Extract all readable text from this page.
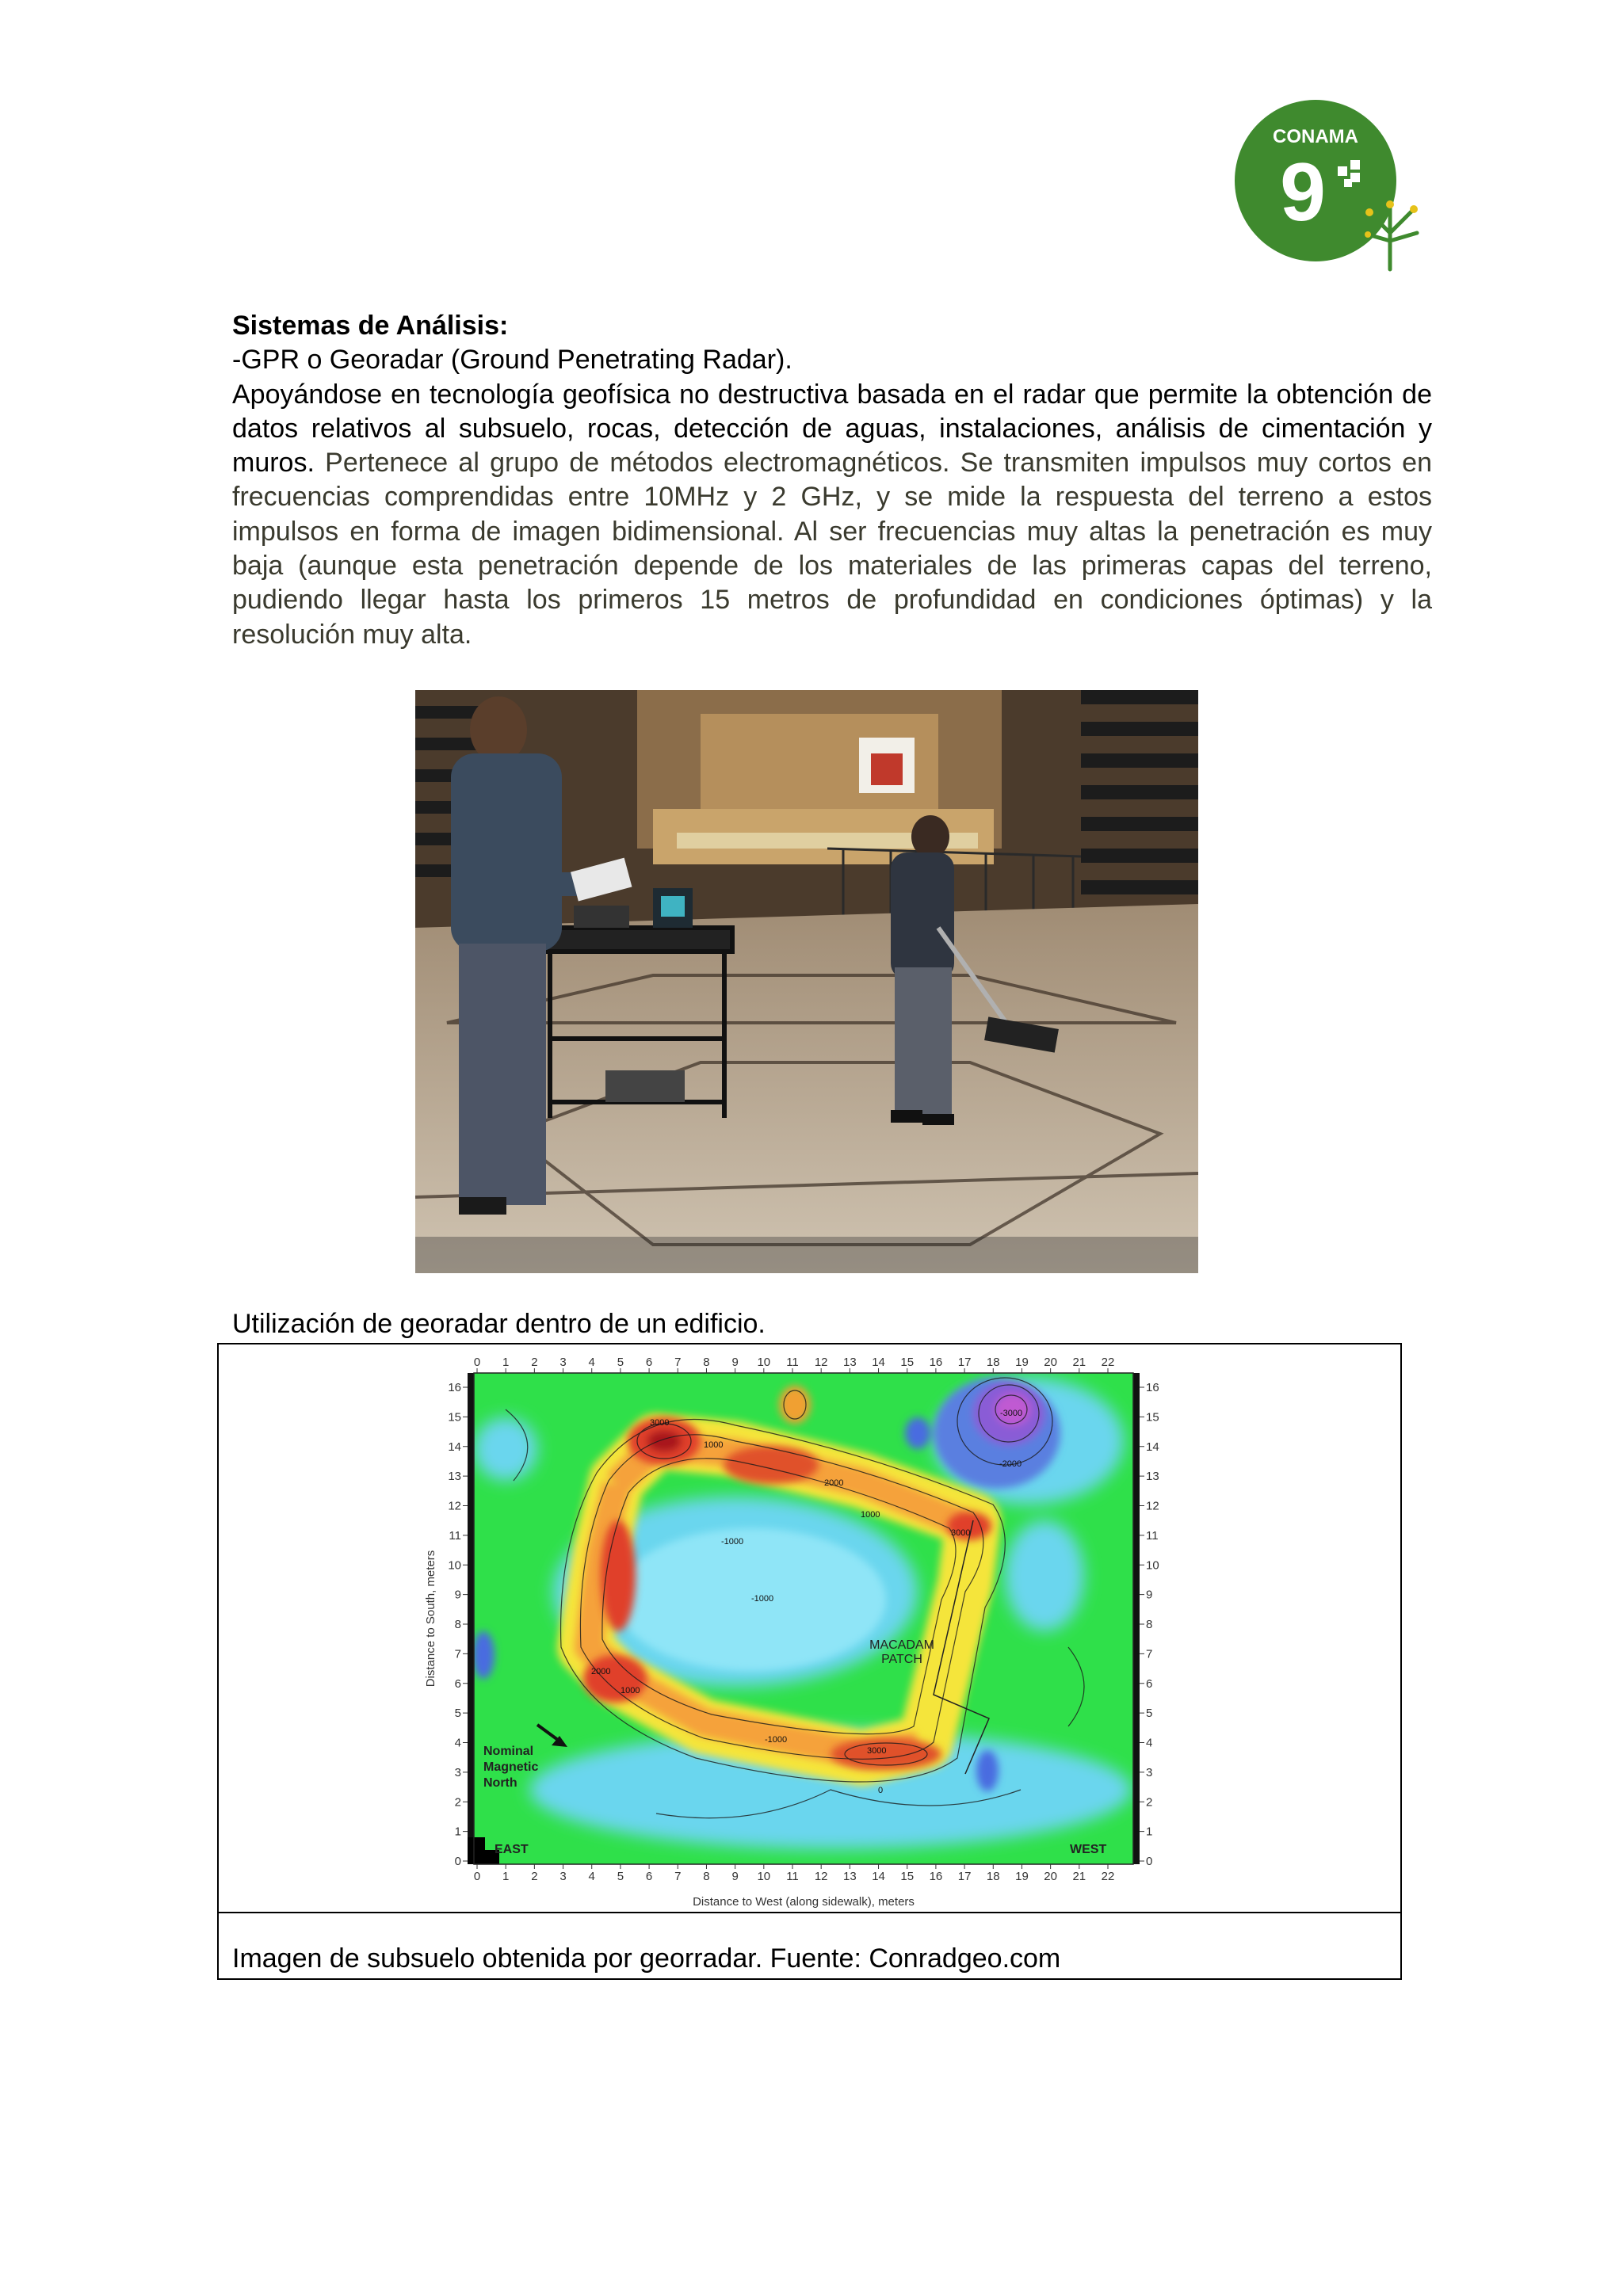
CONAMA
9
Sistemas de Análisis:
-GPR o Georadar (Ground Penetrating Radar).
Apoyándose en tecnología geofísica no destructiva basada en el radar que permite la obtención de datos relativos al subsuelo, rocas, detección de aguas, instalaciones, análisis de cimentación y muros. Pertenece al grupo de métodos electromagnéticos. Se transmiten impulsos muy cortos en frecuencias comprendidas entre 10MHz y 2 GHz, y se mide la respuesta del terreno a estos impulsos en forma de imagen bidimensional. Al ser frecuencias muy altas la penetración es muy baja (aunque esta penetración depende de los materiales de las primeras capas del terreno, pudiendo llegar hasta los primeros 15 metros de profundidad en condiciones óptimas) y la resolución muy alta.
Utilización de georadar dentro de un edificio.
0 1 2 3 4 5 6 7 8 9 10 11 12 13 14 15 16 17 18 19 20 21 22
0 1 2 3 4 5 6 7 8 9 10 11 12 13 14 15 16 17 18 19 20 21 22
0
1
2
3
4
5
6
7
8
9
10
11
12
13
14
15
16
0
1
2
3
4
5
6
7
8
9
10
11
12
13
14
15
16
Distance to West (along sidewalk), meters
Distance to South, meters
EAST	WEST
Nominal
Magnetic
North
MACADAM
PATCH
1000
2000
3000
-1000
-2000
-3000
2000
3000
1000
-1000
-1000
3000
1000
0
Imagen de subsuelo obtenida por georradar. Fuente: Conradgeo.com
